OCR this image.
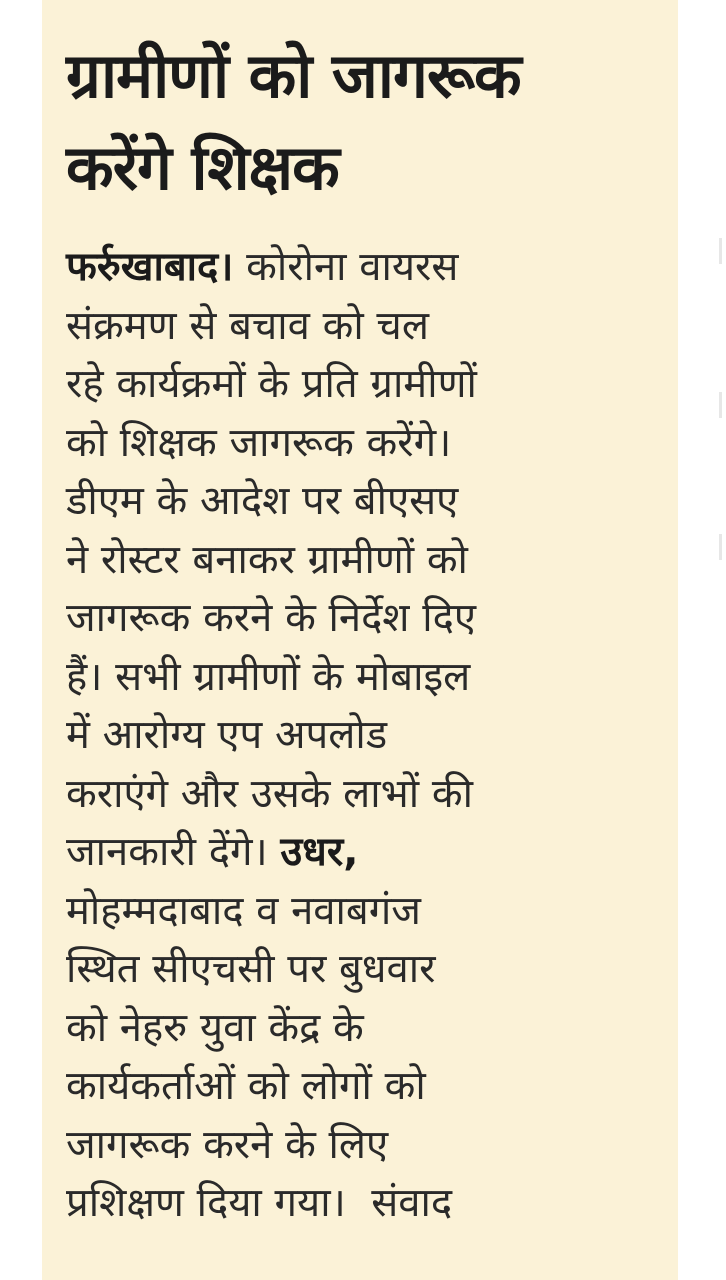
ग्रामीणों को जागरूक
करेंगे शिक्षक
फर्रुखाबाद। कोरोना वायरस
संक्रमण से बचाव को चल
रहे कार्यक्रमों के प्रति ग्रामीणों
को शिक्षक जागरूक करेंगे।
डीएम के आदेश पर बीएसए
ने रोस्टर बनाकर ग्रामीणों को
जागरूक करने के निर्देश दिए
हैं। सभी ग्रामीणों के मोबाइल
में आरोग्य एप अपलोड
कराएंगे और उसके लाभों की
जानकारी देंगे। उधर,
मोहम्मदाबाद व नवाबगंज
स्थित सीएचसी पर बुधवार
को नेहरु युवा केंद्र के
कार्यकर्ताओं को लोगों को
जागरूक करने के लिए
प्रशिक्षण दिया गया। संवाद
